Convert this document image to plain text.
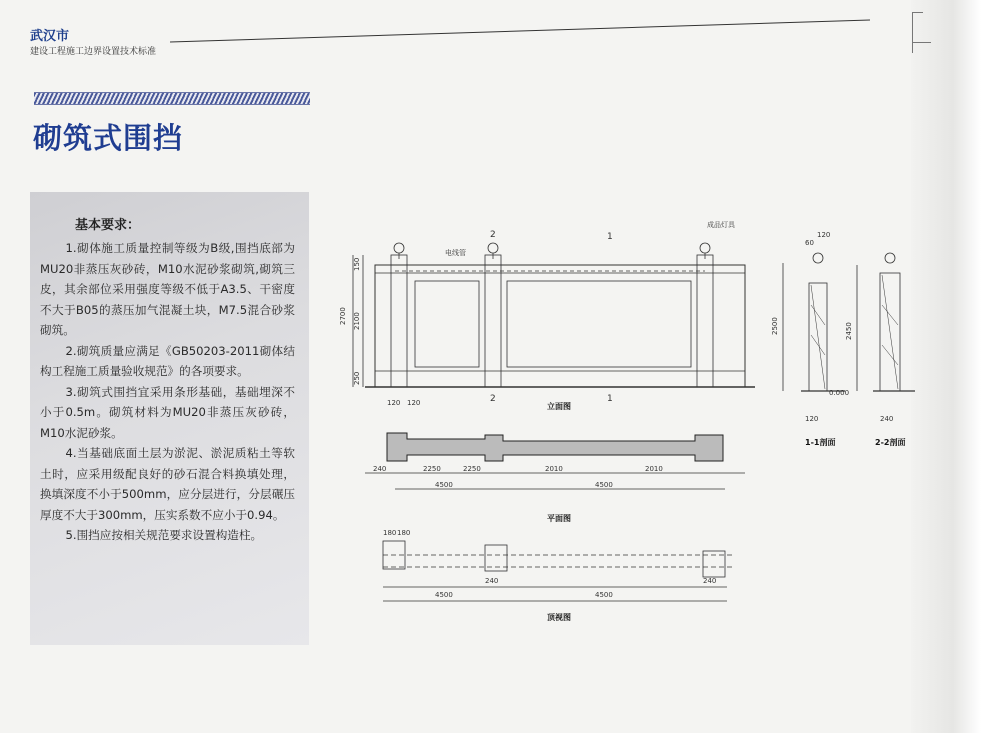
武汉市
建设工程施工边界设置技术标准
砌筑式围挡
基本要求：

1.砌体施工质量控制等级为B级,围挡底部为MU20非蒸压灰砂砖，M10水泥砂浆砌筑,砌筑三皮，其余部位采用强度等级不低于A3.5、干密度不大于B05的蒸压加气混凝土块，M7.5混合砂浆砌筑。

2.砌筑质量应满足《GB50203-2011砌体结构工程施工质量验收规范》的各项要求。

3.砌筑式围挡宜采用条形基础，基础埋深不小于0.5m。砌筑材料为MU20非蒸压灰砂砖，M10水泥砂浆。

4.当基础底面土层为淤泥、淤泥质粘土等软土时，应采用级配良好的砂石混合料换填处理，换填深度不小于500mm，应分层进行，分层碾压厚度不大于300mm，压实系数不应小于0.94。

5.围挡应按相关规范要求设置构造柱。

2700 2100
150
250
2
2
1
1
电线管
成品灯具
立面图
2500
60
120
120
0.000
1-1剖面
2450
240
2-2剖面
240	2250	2250	2010	2010
4500	4500
120 120
平面图
180 180
4500	4500
240	240
顶视图
